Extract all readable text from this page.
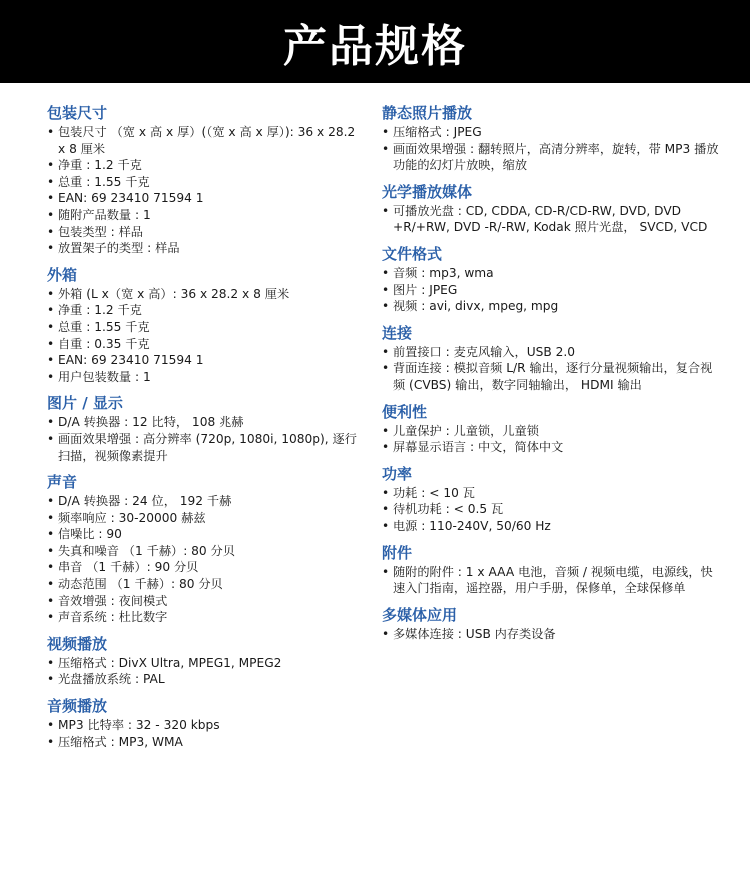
产品规格
包装尺寸
• 包装尺寸 （宽 x 高 x 厚）(（宽 x 高 x 厚）): 36 x 28.2 x 8 厘米
• 净重 : 1.2 千克
• 总重 : 1.55 千克
• EAN: 69 23410 71594 1
• 随附产品数量 : 1
• 包装类型 : 样品
• 放置架子的类型 : 样品
外箱
• 外箱 (L x（宽 x 高）: 36 x 28.2 x 8 厘米
• 净重 : 1.2 千克
• 总重 : 1.55 千克
• 自重 : 0.35 千克
• EAN: 69 23410 71594 1
• 用户包装数量 : 1
图片 / 显示
• D/A 转换器 : 12 比特， 108 兆赫
• 画面效果增强 : 高分辨率 (720p, 1080i, 1080p), 逐行扫描，视频像素提升
声音
• D/A 转换器 : 24 位， 192 千赫
• 频率响应 : 30-20000 赫兹
• 信噪比 : 90
• 失真和噪音 （1 千赫）: 80 分贝
• 串音 （1 千赫）: 90 分贝
• 动态范围 （1 千赫）: 80 分贝
• 音效增强 : 夜间模式
• 声音系统 : 杜比数字
视频播放
• 压缩格式 : DivX Ultra, MPEG1, MPEG2
• 光盘播放系统 : PAL
音频播放
• MP3 比特率 : 32 - 320 kbps
• 压缩格式 : MP3, WMA
静态照片播放
• 压缩格式 : JPEG
• 画面效果增强 : 翻转照片，高清分辨率，旋转，带 MP3 播放功能的幻灯片放映，缩放
光学播放媒体
• 可播放光盘 : CD, CDDA, CD-R/CD-RW, DVD, DVD +R/+RW, DVD -R/-RW, Kodak 照片光盘， SVCD, VCD
文件格式
• 音频 : mp3, wma
• 图片 : JPEG
• 视频 : avi, divx, mpeg, mpg
连接
• 前置接口 : 麦克风输入，USB 2.0
• 背面连接 : 模拟音频 L/R 输出，逐行分量视频输出，复合视频 (CVBS) 输出，数字同轴输出， HDMI 输出
便利性
• 儿童保护 : 儿童锁，儿童锁
• 屏幕显示语言 : 中文，简体中文
功率
• 功耗 : < 10 瓦
• 待机功耗 : < 0.5 瓦
• 电源 : 110-240V, 50/60 Hz
附件
• 随附的附件 : 1 x AAA 电池，音频 / 视频电缆，电源线，快速入门指南，遥控器，用户手册，保修单，全球保修单
多媒体应用
• 多媒体连接 : USB 内存类设备
